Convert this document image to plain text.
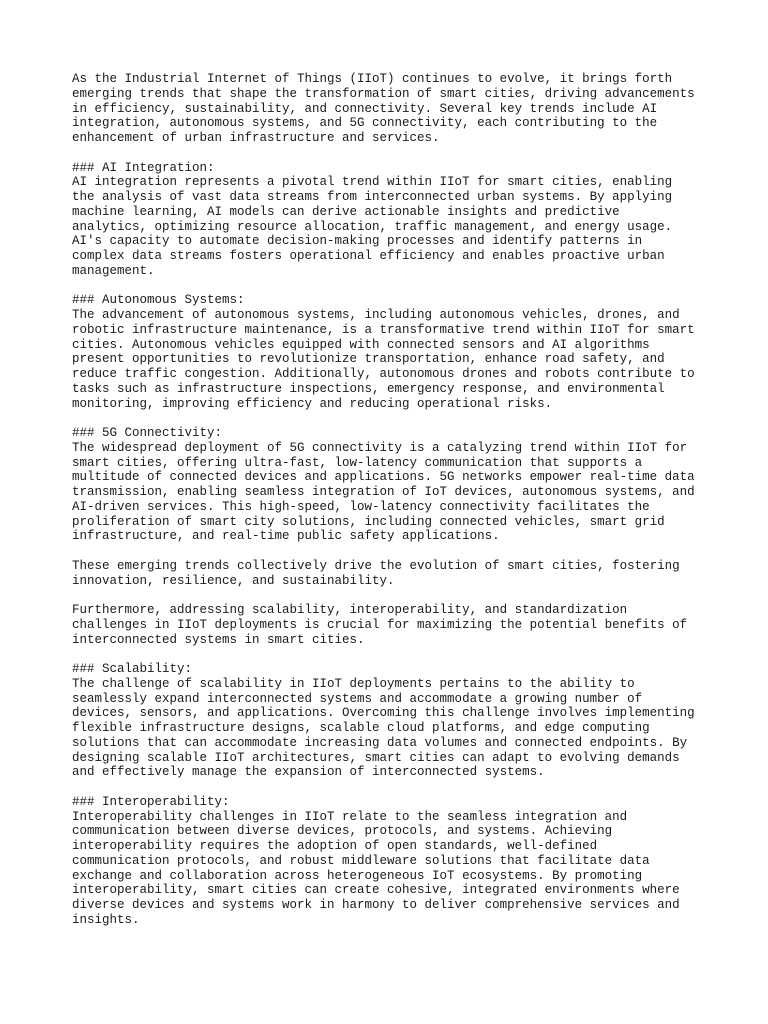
As the Industrial Internet of Things (IIoT) continues to evolve, it brings forth
emerging trends that shape the transformation of smart cities, driving advancements
in efficiency, sustainability, and connectivity. Several key trends include AI
integration, autonomous systems, and 5G connectivity, each contributing to the
enhancement of urban infrastructure and services.
### AI Integration:
AI integration represents a pivotal trend within IIoT for smart cities, enabling
the analysis of vast data streams from interconnected urban systems. By applying
machine learning, AI models can derive actionable insights and predictive
analytics, optimizing resource allocation, traffic management, and energy usage.
AI's capacity to automate decision-making processes and identify patterns in
complex data streams fosters operational efficiency and enables proactive urban
management.
### Autonomous Systems:
The advancement of autonomous systems, including autonomous vehicles, drones, and
robotic infrastructure maintenance, is a transformative trend within IIoT for smart
cities. Autonomous vehicles equipped with connected sensors and AI algorithms
present opportunities to revolutionize transportation, enhance road safety, and
reduce traffic congestion. Additionally, autonomous drones and robots contribute to
tasks such as infrastructure inspections, emergency response, and environmental
monitoring, improving efficiency and reducing operational risks.
### 5G Connectivity:
The widespread deployment of 5G connectivity is a catalyzing trend within IIoT for
smart cities, offering ultra-fast, low-latency communication that supports a
multitude of connected devices and applications. 5G networks empower real-time data
transmission, enabling seamless integration of IoT devices, autonomous systems, and
AI-driven services. This high-speed, low-latency connectivity facilitates the
proliferation of smart city solutions, including connected vehicles, smart grid
infrastructure, and real-time public safety applications.
These emerging trends collectively drive the evolution of smart cities, fostering
innovation, resilience, and sustainability.
Furthermore, addressing scalability, interoperability, and standardization
challenges in IIoT deployments is crucial for maximizing the potential benefits of
interconnected systems in smart cities.
### Scalability:
The challenge of scalability in IIoT deployments pertains to the ability to
seamlessly expand interconnected systems and accommodate a growing number of
devices, sensors, and applications. Overcoming this challenge involves implementing
flexible infrastructure designs, scalable cloud platforms, and edge computing
solutions that can accommodate increasing data volumes and connected endpoints. By
designing scalable IIoT architectures, smart cities can adapt to evolving demands
and effectively manage the expansion of interconnected systems.
### Interoperability:
Interoperability challenges in IIoT relate to the seamless integration and
communication between diverse devices, protocols, and systems. Achieving
interoperability requires the adoption of open standards, well-defined
communication protocols, and robust middleware solutions that facilitate data
exchange and collaboration across heterogeneous IoT ecosystems. By promoting
interoperability, smart cities can create cohesive, integrated environments where
diverse devices and systems work in harmony to deliver comprehensive services and
insights.
